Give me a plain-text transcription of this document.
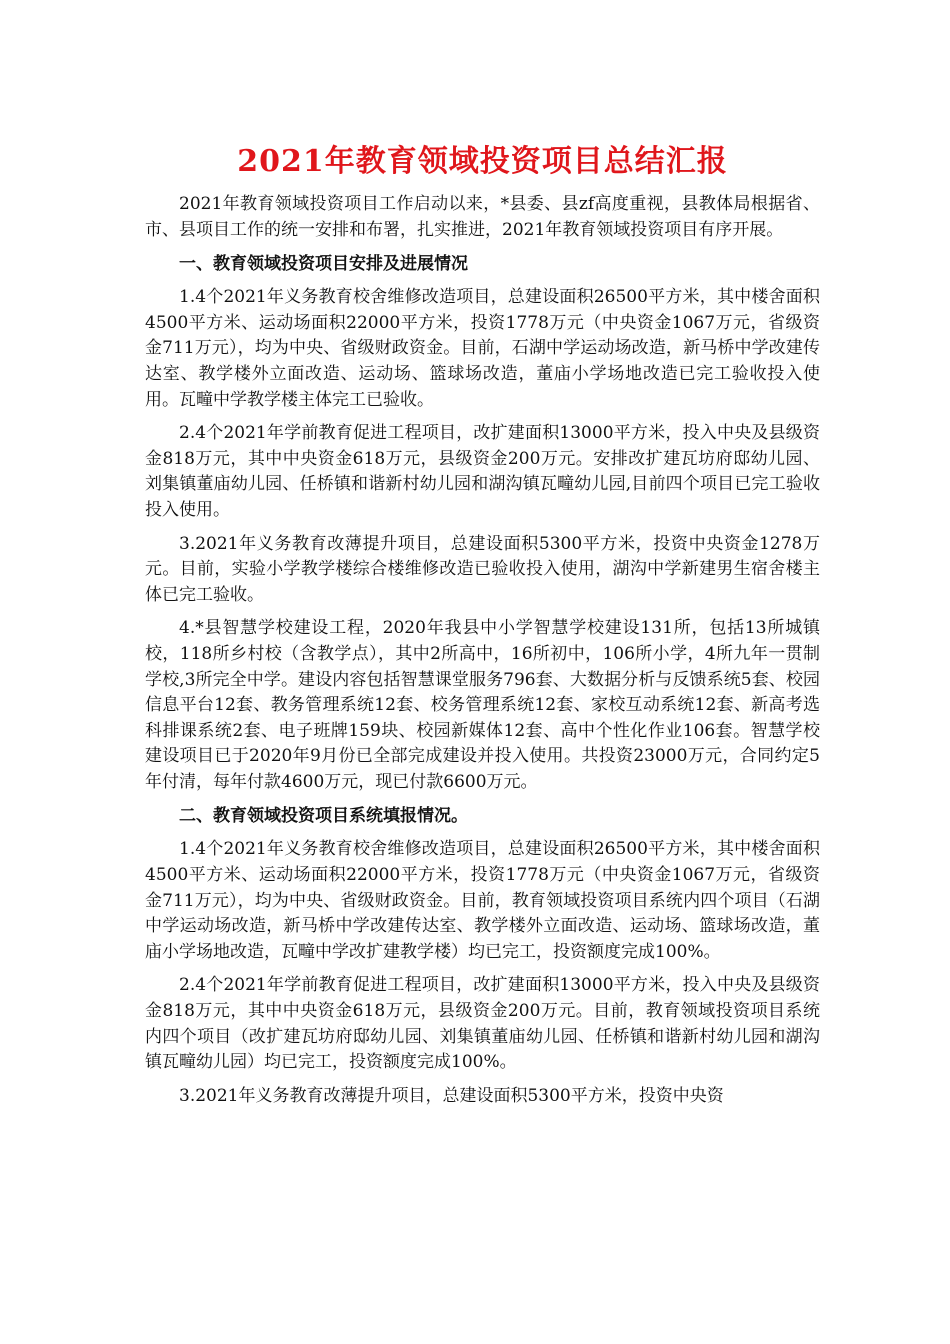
2021年教育领域投资项目总结汇报

2021年教育领域投资项目工作启动以来，*县委、县zf高度重视，县教体局根据省、市、县项目工作的统一安排和布署，扎实推进，2021年教育领域投资项目有序开展。

一、教育领域投资项目安排及进展情况

1.4个2021年义务教育校舍维修改造项目，总建设面积26500平方米，其中楼舍面积4500平方米、运动场面积22000平方米，投资1778万元（中央资金1067万元，省级资金711万元），均为中央、省级财政资金。目前，石湖中学运动场改造，新马桥中学改建传达室、教学楼外立面改造、运动场、篮球场改造，董庙小学场地改造已完工验收投入使用。瓦疃中学教学楼主体完工已验收。

2.4个2021年学前教育促进工程项目，改扩建面积13000平方米，投入中央及县级资金818万元，其中中央资金618万元，县级资金200万元。安排改扩建瓦坊府邸幼儿园、刘集镇董庙幼儿园、任桥镇和谐新村幼儿园和湖沟镇瓦疃幼儿园,目前四个项目已完工验收投入使用。

3.2021年义务教育改薄提升项目，总建设面积5300平方米，投资中央资金1278万元。目前，实验小学教学楼综合楼维修改造已验收投入使用，湖沟中学新建男生宿舍楼主体已完工验收。

4.*县智慧学校建设工程，2020年我县中小学智慧学校建设131所，包括13所城镇校，118所乡村校（含教学点），其中2所高中，16所初中，106所小学，4所九年一贯制学校,3所完全中学。建设内容包括智慧课堂服务796套、大数据分析与反馈系统5套、校园信息平台12套、教务管理系统12套、校务管理系统12套、家校互动系统12套、新高考选科排课系统2套、电子班牌159块、校园新媒体12套、高中个性化作业106套。智慧学校建设项目已于2020年9月份已全部完成建设并投入使用。共投资23000万元，合同约定5年付清，每年付款4600万元，现已付款6600万元。

二、教育领域投资项目系统填报情况。

1.4个2021年义务教育校舍维修改造项目，总建设面积26500平方米，其中楼舍面积4500平方米、运动场面积22000平方米，投资1778万元（中央资金1067万元，省级资金711万元），均为中央、省级财政资金。目前，教育领域投资项目系统内四个项目（石湖中学运动场改造，新马桥中学改建传达室、教学楼外立面改造、运动场、篮球场改造，董庙小学场地改造，瓦疃中学改扩建教学楼）均已完工，投资额度完成100%。

2.4个2021年学前教育促进工程项目，改扩建面积13000平方米，投入中央及县级资金818万元，其中中央资金618万元，县级资金200万元。目前，教育领域投资项目系统内四个项目（改扩建瓦坊府邸幼儿园、刘集镇董庙幼儿园、任桥镇和谐新村幼儿园和湖沟镇瓦疃幼儿园）均已完工，投资额度完成100%。

3.2021年义务教育改薄提升项目，总建设面积5300平方米，投资中央资
